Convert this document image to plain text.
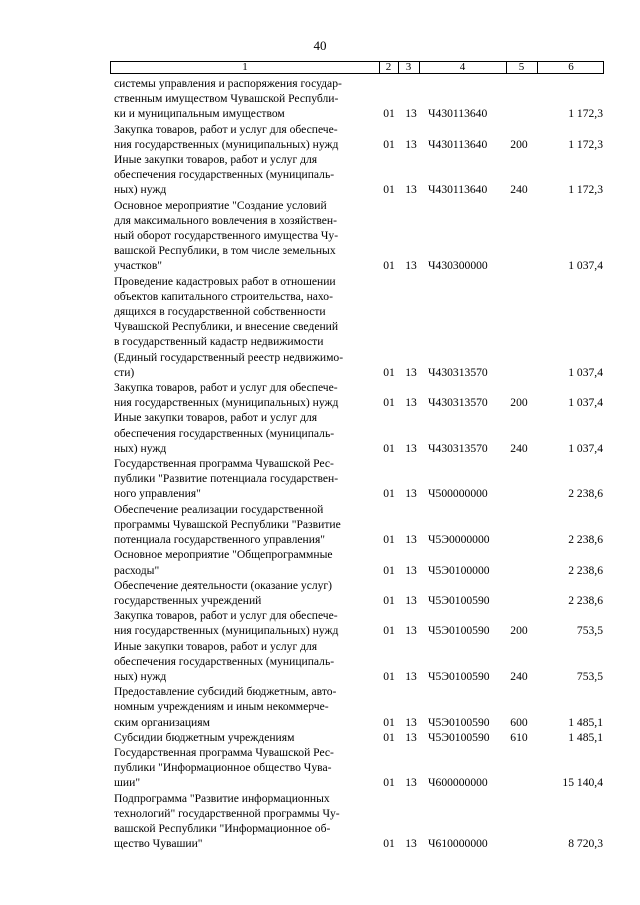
40
1	2	3	4	5	6
системы управления и распоряжения государ-
ственным имуществом Чувашской Республи-
ки и муниципальным имуществом	01 13 Ч430113640	1 172,3
Закупка товаров, работ и услуг для обеспече-
ния государственных (муниципальных) нужд	01 13 Ч430113640 200	1 172,3
Иные закупки товаров, работ и услуг для
обеспечения государственных (муниципаль-
ных) нужд	01 13 Ч430113640 240	1 172,3
Основное мероприятие "Создание условий
для максимального вовлечения в хозяйствен-
ный оборот государственного имущества Чу-
вашской Республики, в том числе земельных
участков"	01 13 Ч430300000	1 037,4
Проведение кадастровых работ в отношении
объектов капитального строительства, нахо-
дящихся в государственной собственности
Чувашской Республики, и внесение сведений
в государственный кадастр недвижимости
(Единый государственный реестр недвижимо-
сти)	01 13 Ч430313570	1 037,4
Закупка товаров, работ и услуг для обеспече-
ния государственных (муниципальных) нужд	01 13 Ч430313570 200	1 037,4
Иные закупки товаров, работ и услуг для
обеспечения государственных (муниципаль-
ных) нужд	01 13 Ч430313570 240	1 037,4
Государственная программа Чувашской Рес-
публики "Развитие потенциала государствен-
ного управления"	01 13 Ч500000000	2 238,6
Обеспечение реализации государственной
программы Чувашской Республики "Развитие
потенциала государственного управления"	01 13 Ч5Э0000000	2 238,6
Основное мероприятие "Общепрограммные
расходы"	01 13 Ч5Э0100000	2 238,6
Обеспечение деятельности (оказание услуг)
государственных учреждений	01 13 Ч5Э0100590	2 238,6
Закупка товаров, работ и услуг для обеспече-
ния государственных (муниципальных) нужд	01 13 Ч5Э0100590 200	753,5
Иные закупки товаров, работ и услуг для
обеспечения государственных (муниципаль-
ных) нужд	01 13 Ч5Э0100590 240	753,5
Предоставление субсидий бюджетным, авто-
номным учреждениям и иным некоммерче-
ским организациям	01 13 Ч5Э0100590 600	1 485,1
Субсидии бюджетным учреждениям	01 13 Ч5Э0100590 610	1 485,1
Государственная программа Чувашской Рес-
публики "Информационное общество Чува-
шии"	01 13 Ч600000000	15 140,4
Подпрограмма "Развитие информационных
технологий" государственной программы Чу-
вашской Республики "Информационное об-
щество Чувашии"	01 13 Ч610000000	8 720,3
